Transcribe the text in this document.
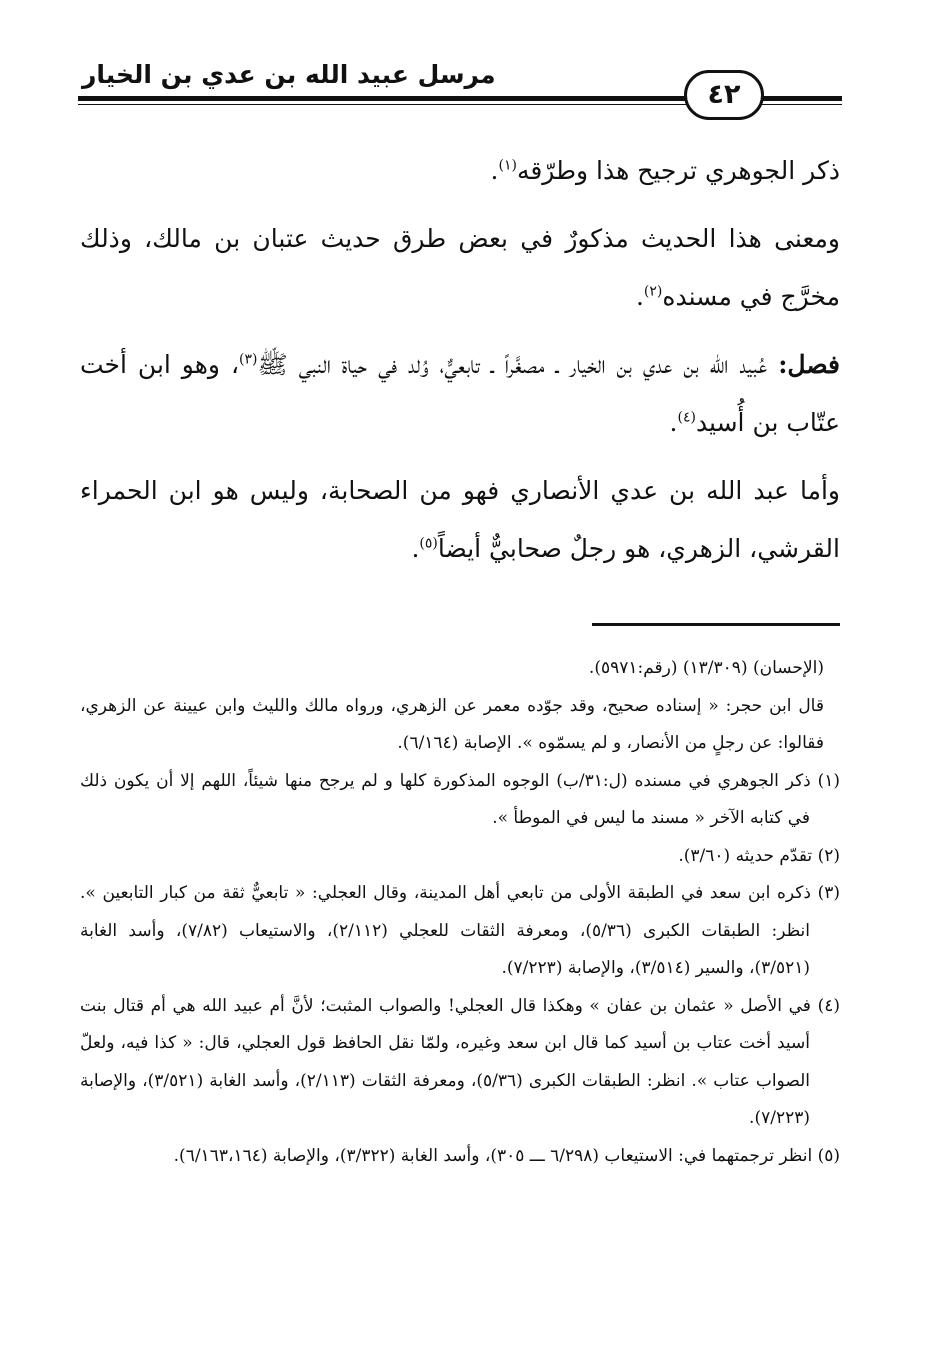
مرسل عبيد الله بن عدي بن الخيار
٤٢

ذكر الجوهري ترجيح هذا وطرّقه$^{(١)}$.

ومعنى هذا الحديث مذكورٌ في بعض طرق حديث عتبان بن مالك، وذلك مخرَّج في مسنده$^{(٢)}$.

فصل: عُبيد الله بن عدي بن الخيار ـ مصغَّراً ـ تابعيٌّ، وُلد في حياة النبي ﷺ$^{(٣)}$، وهو ابن أخت عتّاب بن أُسيد$^{(٤)}$.

وأما عبد الله بن عدي الأنصاري فهو من الصحابة، وليس هو ابن الحمراء القرشي، الزهري، هو رجلٌ صحابيٌّ أيضاً$^{(٥)}$.

(الإحسان) (١٣/٣٠٩) (رقم:٥٩٧١).

قال ابن حجر: « إسناده صحيح، وقد جوّده معمر عن الزهري، ورواه مالك والليث وابن عيينة عن الزهري، فقالوا: عن رجلٍ من الأنصار، و لم يسمّوه ». الإصابة (٦/١٦٤).

(١) ذكر الجوهري في مسنده (ل:٣١/ب) الوجوه المذكورة كلها و لم يرجح منها شيئاً، اللهم إلا أن يكون ذلك في كتابه الآخر « مسند ما ليس في الموطأ ».

(٢) تقدّم حديثه (٣/٦٠).

(٣) ذكره ابن سعد في الطبقة الأولى من تابعي أهل المدينة، وقال العجلي: « تابعيٌّ ثقة من كبار التابعين ». انظر: الطبقات الكبرى (٥/٣٦)، ومعرفة الثقات للعجلي (٢/١١٢)، والاستيعاب (٧/٨٢)، وأسد الغابة (٣/٥٢١)، والسير (٣/٥١٤)، والإصابة (٧/٢٢٣).

(٤) في الأصل « عثمان بن عفان » وهكذا قال العجلي! والصواب المثبت؛ لأنَّ أم عبيد الله هي أم قتال بنت أسيد أخت عتاب بن أسيد كما قال ابن سعد وغيره، ولمّا نقل الحافظ قول العجلي، قال: « كذا فيه، ولعلّ الصواب عتاب ». انظر: الطبقات الكبرى (٥/٣٦)، ومعرفة الثقات (٢/١١٣)، وأسد الغابة (٣/٥٢١)، والإصابة (٧/٢٢٣).

(٥) انظر ترجمتهما في: الاستيعاب (٦/٢٩٨ ـــ ٣٠٥)، وأسد الغابة (٣/٣٢٢)، والإصابة (٦/١٦٣،١٦٤).
